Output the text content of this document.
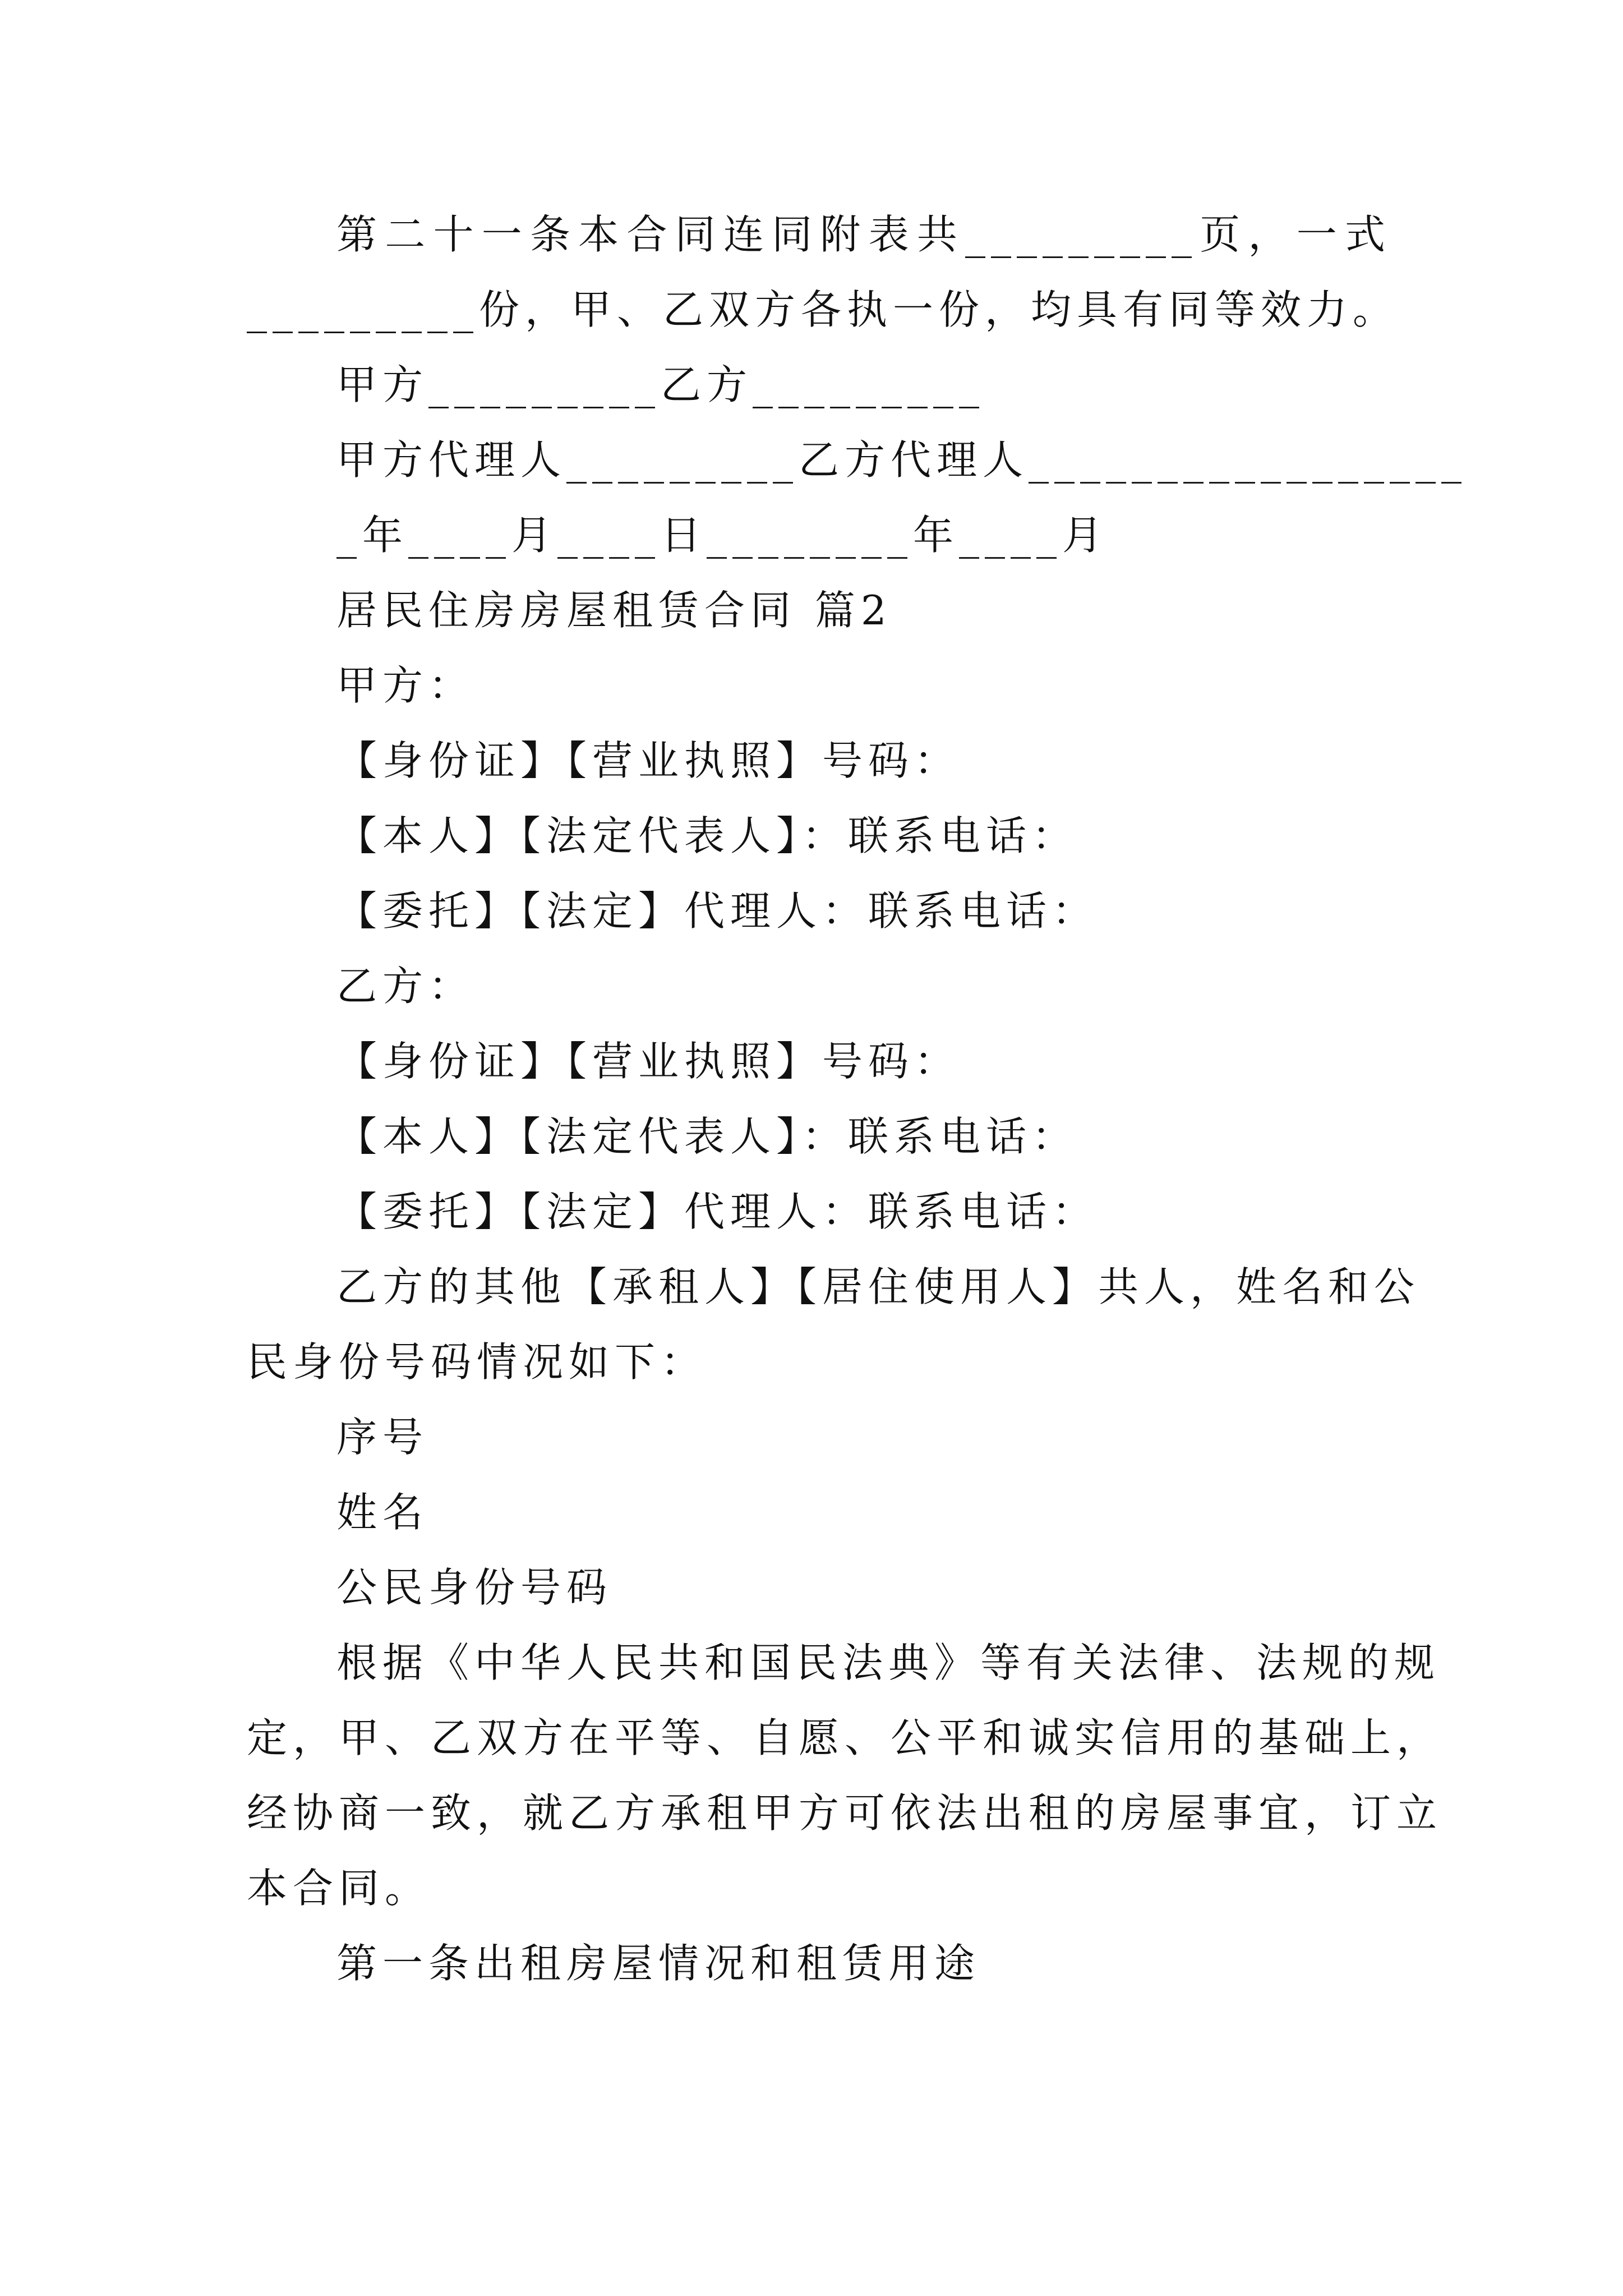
第二十一条本合同连同附表共_________页，一式
_________份，甲、乙双方各执一份，均具有同等效力。
甲方_________乙方_________
甲方代理人_________乙方代理人_________________
_年____月____日________年____月
居民住房房屋租赁合同 篇2
甲方：
【身份证】【营业执照】号码：
【本人】【法定代表人】：联系电话：
【委托】【法定】代理人：联系电话：
乙方：
【身份证】【营业执照】号码：
【本人】【法定代表人】：联系电话：
【委托】【法定】代理人：联系电话：
乙方的其他【承租人】【居住使用人】共人，姓名和公
民身份号码情况如下：
序号
姓名
公民身份号码
根据《中华人民共和国民法典》等有关法律、法规的规
定，甲、乙双方在平等、自愿、公平和诚实信用的基础上，
经协商一致，就乙方承租甲方可依法出租的房屋事宜，订立
本合同。
第一条出租房屋情况和租赁用途
